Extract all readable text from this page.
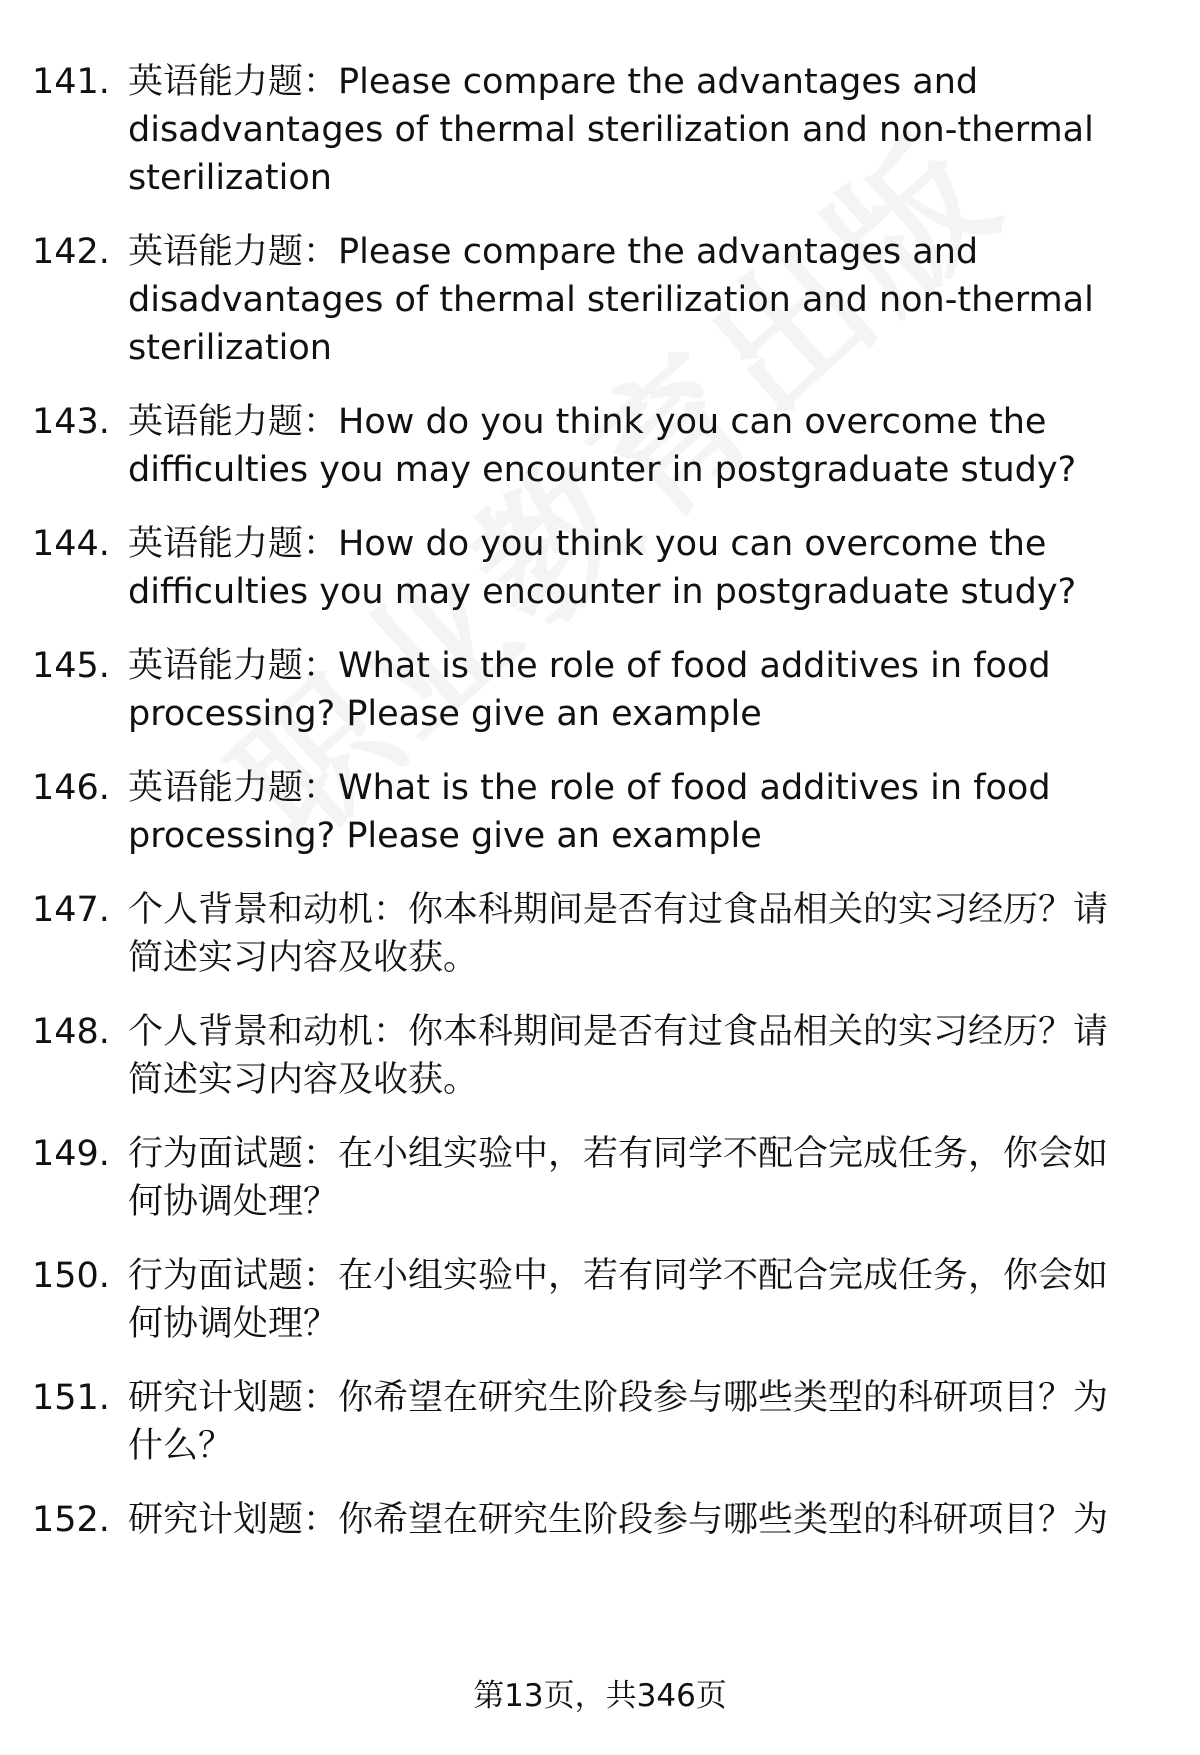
141. 英语能力题：Please compare the advantages and
disadvantages of thermal sterilization and non-thermal
sterilization
142. 英语能力题：Please compare the advantages and
disadvantages of thermal sterilization and non-thermal
sterilization
143. 英语能力题：How do you think you can overcome the
difficulties you may encounter in postgraduate study?
144. 英语能力题：How do you think you can overcome the
difficulties you may encounter in postgraduate study?
145. 英语能力题：What is the role of food additives in food
processing? Please give an example
146. 英语能力题：What is the role of food additives in food
processing? Please give an example
147. 个人背景和动机：你本科期间是否有过食品相关的实习经历？请
简述实习内容及收获。
148. 个人背景和动机：你本科期间是否有过食品相关的实习经历？请
简述实习内容及收获。
149. 行为面试题：在小组实验中，若有同学不配合完成任务，你会如
何协调处理？
150. 行为面试题：在小组实验中，若有同学不配合完成任务，你会如
何协调处理？
151. 研究计划题：你希望在研究生阶段参与哪些类型的科研项目？为
什么？
152. 研究计划题：你希望在研究生阶段参与哪些类型的科研项目？为
第13页，共346页
